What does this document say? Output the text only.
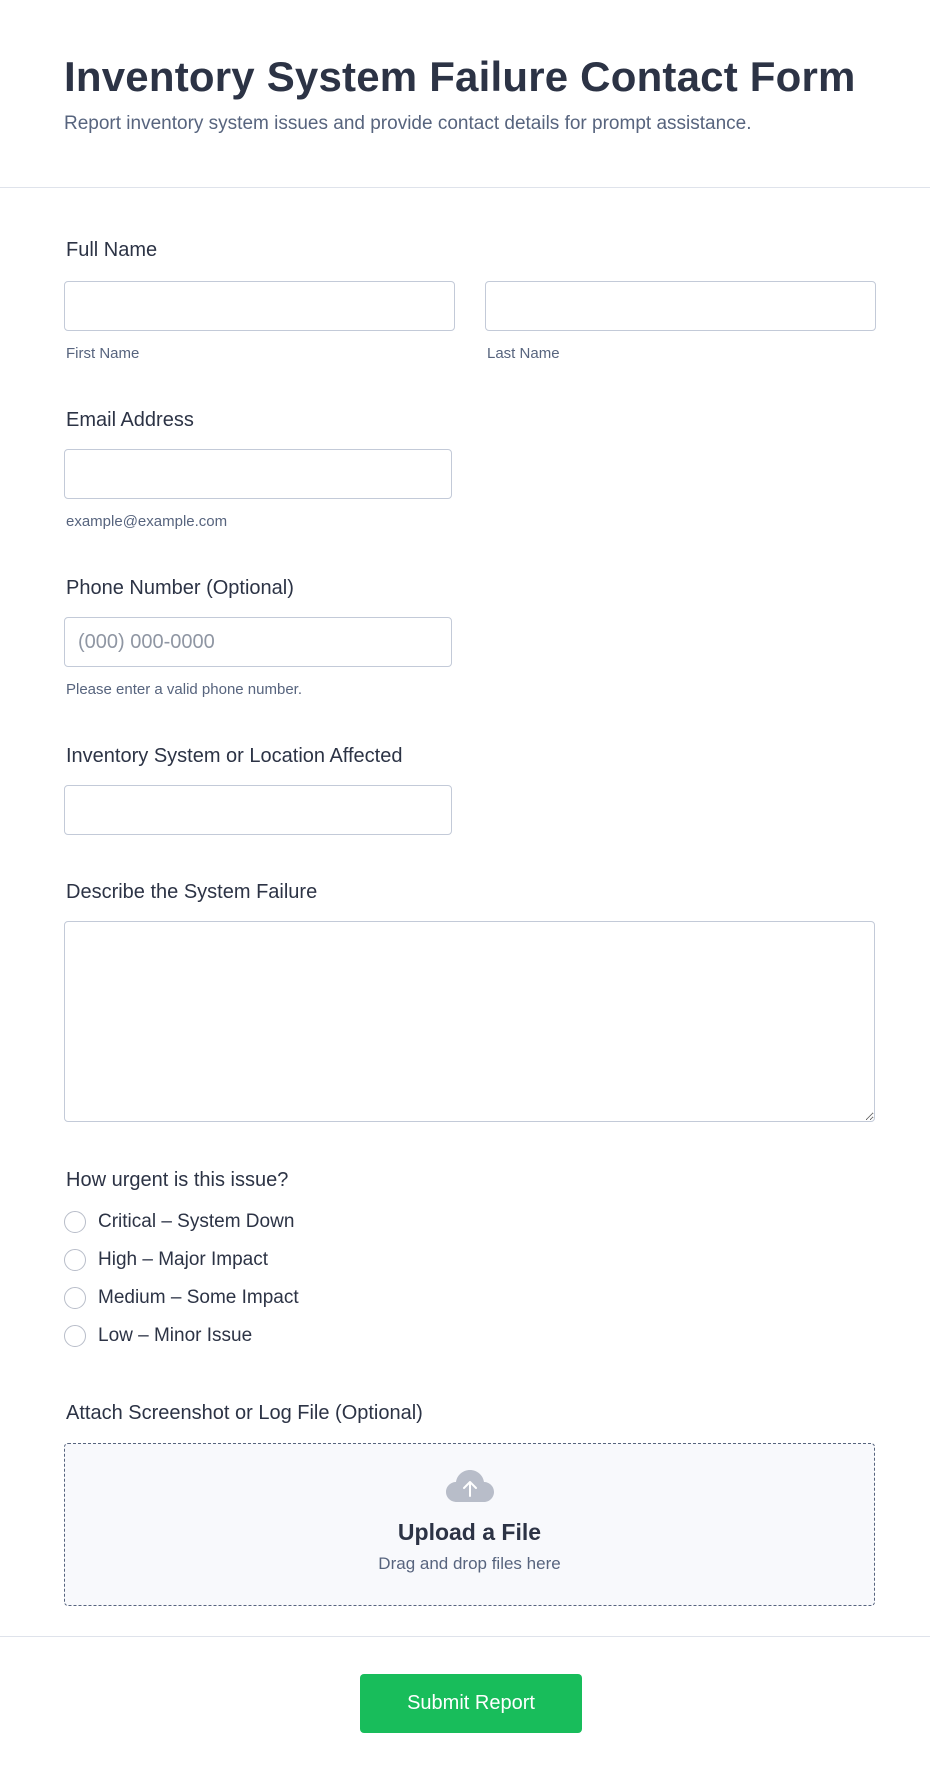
Inventory System Failure Contact Form
Report inventory system issues and provide contact details for prompt assistance.
Full Name
First Name	Last Name
Email Address
example@example.com
Phone Number (Optional)
(000) 000-0000
Please enter a valid phone number.
Inventory System or Location Affected
Describe the System Failure
How urgent is this issue?
Critical – System Down
High – Major Impact
Medium – Some Impact
Low – Minor Issue
Attach Screenshot or Log File (Optional)
Upload a File
Drag and drop files here
Submit Report
